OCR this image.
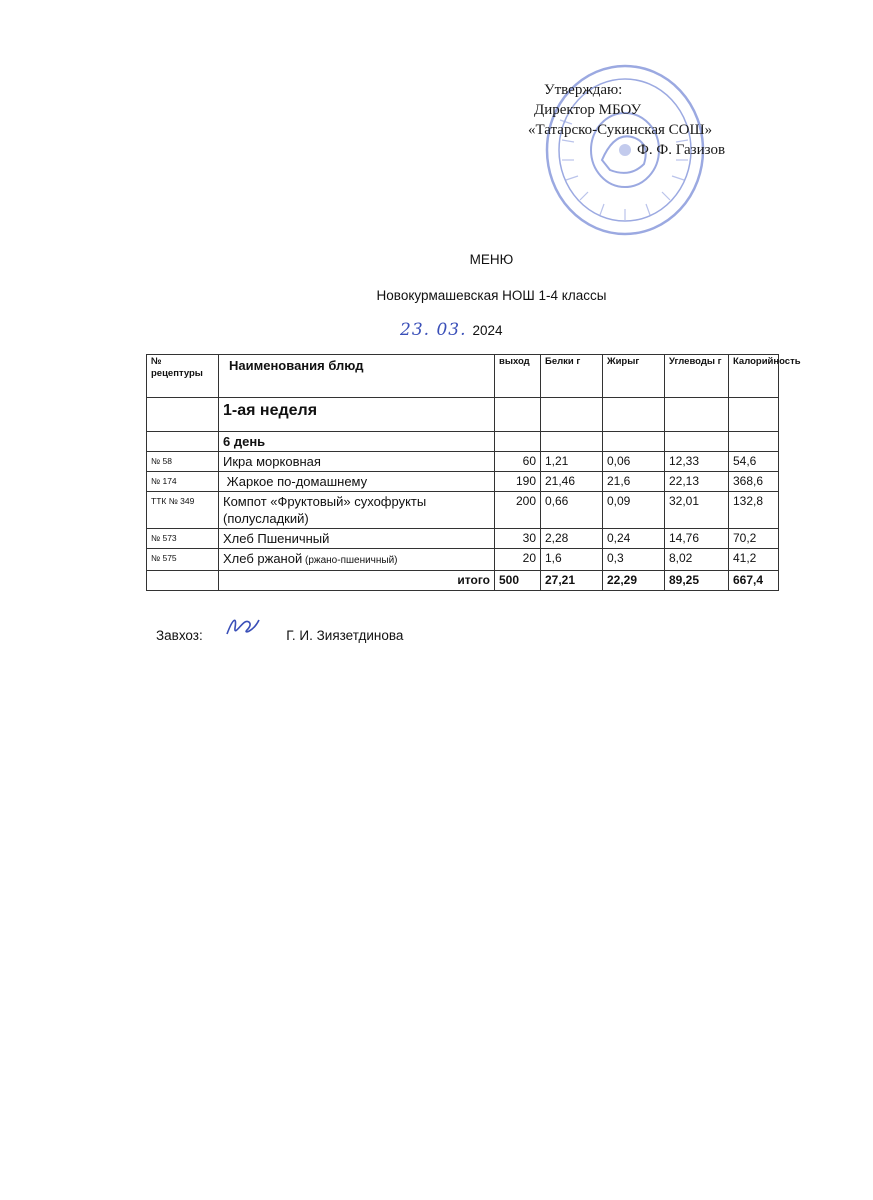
Утверждаю:
Директор МБОУ
«Татарско-Сукинская СОШ»
Ф. Ф. Газизов
МЕНЮ
Новокурмашевская НОШ 1-4 классы
23. 03. 2024
№ рецептуры	Наименования блюд	выход	Белки г	Жирыг	Углеводы г	Калорийность
	1-ая неделя					
	6 день					
№ 58	Икра морковная	60	1,21	0,06	12,33	54,6
№ 174	Жаркое по-домашнему	190	21,46	21,6	22,13	368,6
ТТК № 349	Компот «Фруктовый» сухофрукты (полусладкий)	200	0,66	0,09	32,01	132,8
№ 573	Хлеб Пшеничный	30	2,28	0,24	14,76	70,2
№ 575	Хлеб ржаной (ржано-пшеничный)	20	1,6	0,3	8,02	41,2
	итого	500	27,21	22,29	89,25	667,4
Завхоз:	Г. И. Зиязетдинова
